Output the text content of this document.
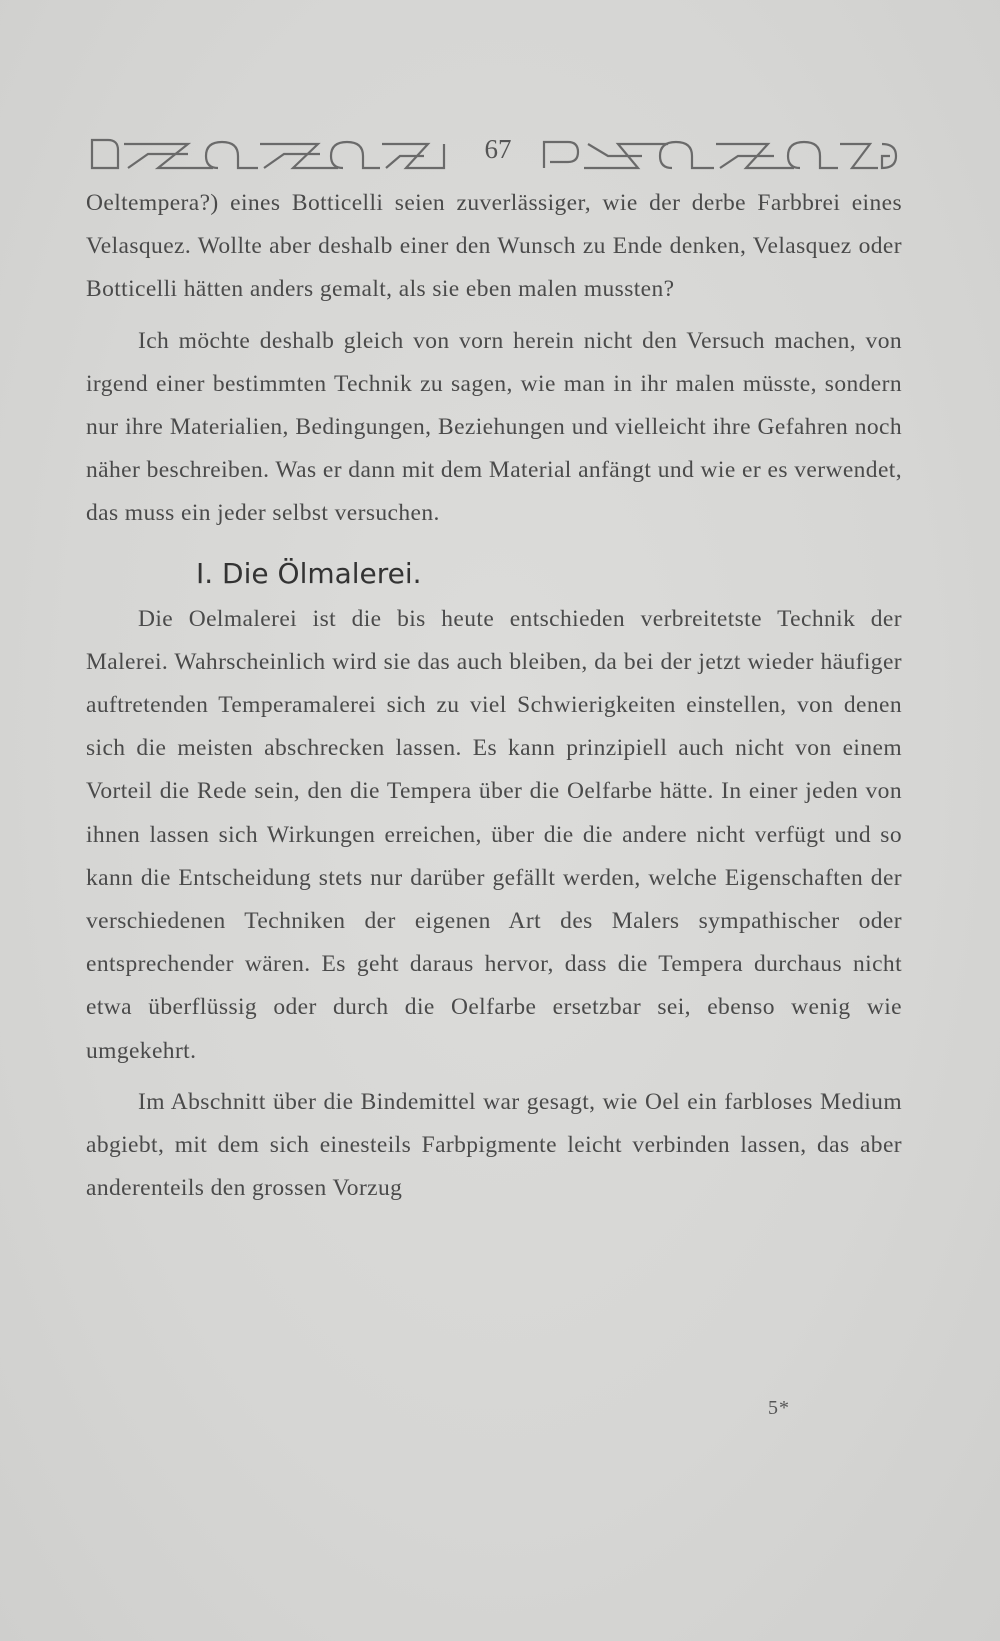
67

Oeltempera?) eines Botticelli seien zuverlässiger, wie der derbe Farbbrei eines Velasquez. Wollte aber deshalb einer den Wunsch zu Ende denken, Velasquez oder Botticelli hätten anders gemalt, als sie eben malen mussten?

Ich möchte deshalb gleich von vorn herein nicht den Versuch machen, von irgend einer bestimmten Technik zu sagen, wie man in ihr malen müsste, sondern nur ihre Materialien, Bedingungen, Beziehungen und vielleicht ihre Gefahren noch näher beschreiben. Was er dann mit dem Material anfängt und wie er es verwendet, das muss ein jeder selbst versuchen.

I. Die Ölmalerei.

Die Oelmalerei ist die bis heute entschieden verbreitetste Technik der Malerei. Wahrscheinlich wird sie das auch bleiben, da bei der jetzt wieder häufiger auftretenden Temperamalerei sich zu viel Schwierigkeiten einstellen, von denen sich die meisten abschrecken lassen. Es kann prinzipiell auch nicht von einem Vorteil die Rede sein, den die Tempera über die Oelfarbe hätte. In einer jeden von ihnen lassen sich Wirkungen erreichen, über die die andere nicht verfügt und so kann die Entscheidung stets nur darüber gefällt werden, welche Eigenschaften der verschiedenen Techniken der eigenen Art des Malers sympathischer oder entsprechender wären. Es geht daraus hervor, dass die Tempera durchaus nicht etwa überflüssig oder durch die Oelfarbe ersetzbar sei, ebenso wenig wie umgekehrt.

Im Abschnitt über die Bindemittel war gesagt, wie Oel ein farbloses Medium abgiebt, mit dem sich einesteils Farbpigmente leicht verbinden lassen, das aber anderenteils den grossen Vorzug

5*
